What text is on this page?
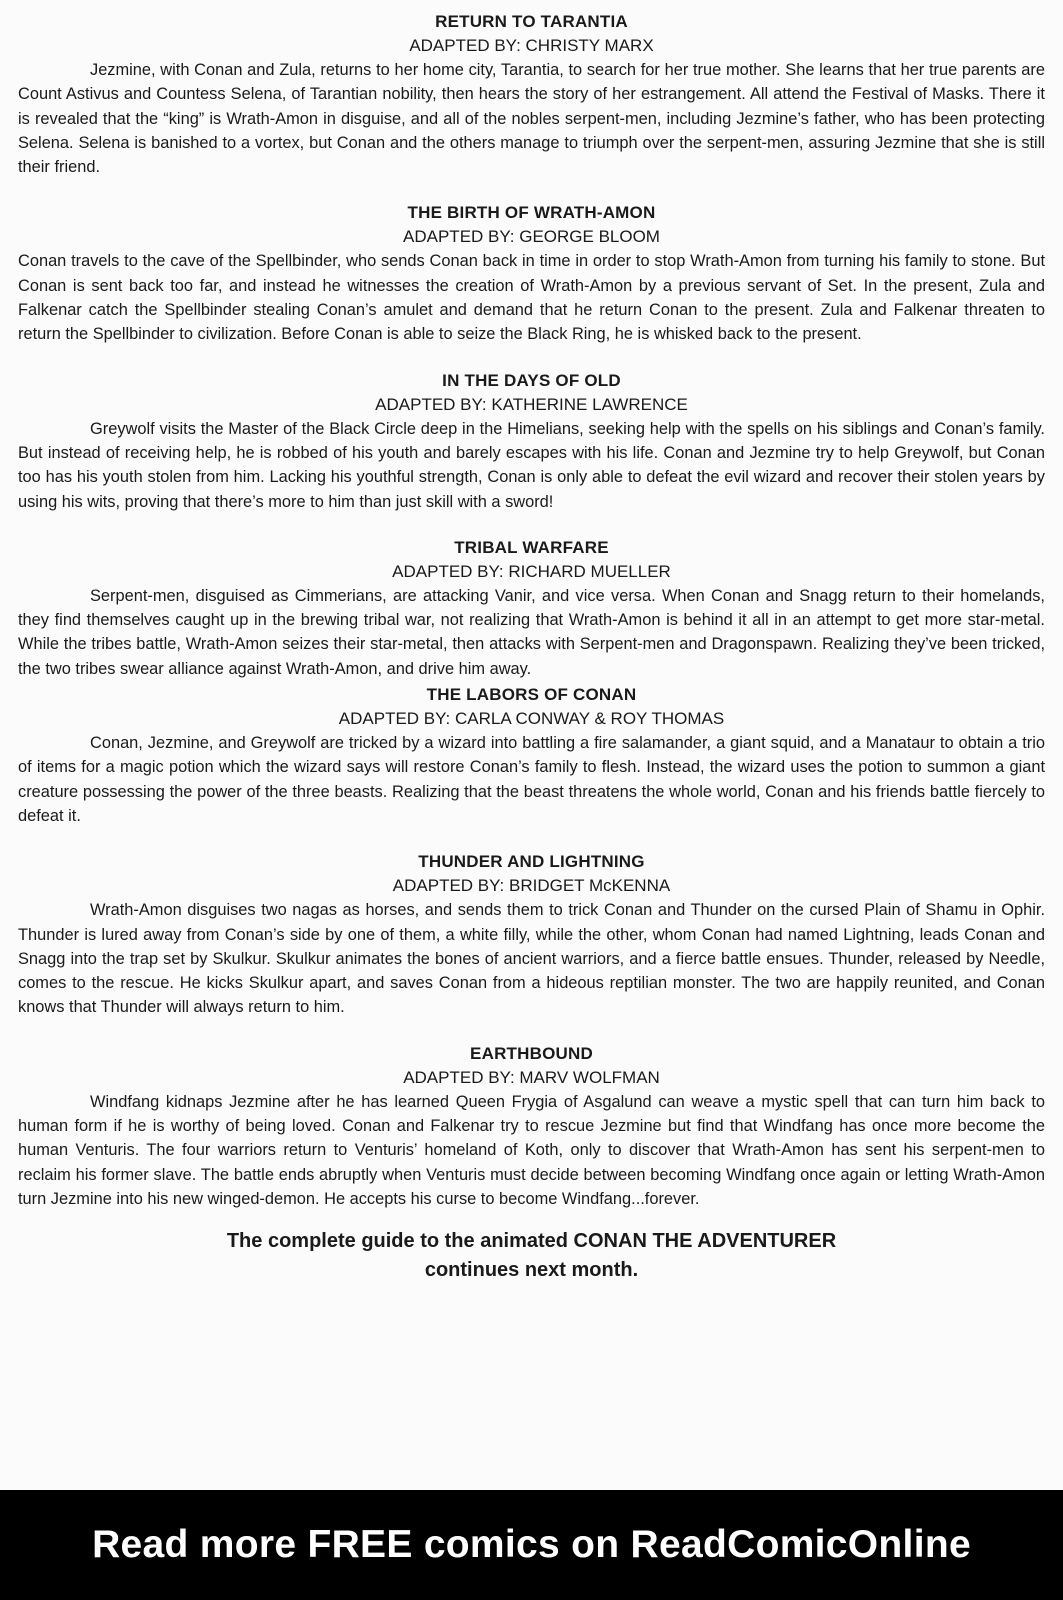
RETURN TO TARANTIA

ADAPTED BY: CHRISTY MARX

Jezmine, with Conan and Zula, returns to her home city, Tarantia, to search for her true mother. She learns that her true parents are Count Astivus and Countess Selena, of Tarantian nobility, then hears the story of her estrangement. All attend the Festival of Masks. There it is revealed that the “king” is Wrath-Amon in disguise, and all of the nobles serpent-men, including Jezmine’s father, who has been protecting Selena. Selena is banished to a vortex, but Conan and the others manage to triumph over the serpent-men, assuring Jezmine that she is still their friend.

THE BIRTH OF WRATH-AMON

ADAPTED BY: GEORGE BLOOM

Conan travels to the cave of the Spellbinder, who sends Conan back in time in order to stop Wrath-Amon from turning his family to stone. But Conan is sent back too far, and instead he witnesses the creation of Wrath-Amon by a previous servant of Set. In the present, Zula and Falkenar catch the Spellbinder stealing Conan’s amulet and demand that he return Conan to the present. Zula and Falkenar threaten to return the Spellbinder to civilization. Before Conan is able to seize the Black Ring, he is whisked back to the present.

IN THE DAYS OF OLD

ADAPTED BY: KATHERINE LAWRENCE

Greywolf visits the Master of the Black Circle deep in the Himelians, seeking help with the spells on his siblings and Conan’s family. But instead of receiving help, he is robbed of his youth and barely escapes with his life. Conan and Jezmine try to help Greywolf, but Conan too has his youth stolen from him. Lacking his youthful strength, Conan is only able to defeat the evil wizard and recover their stolen years by using his wits, proving that there’s more to him than just skill with a sword!

TRIBAL WARFARE

ADAPTED BY: RICHARD MUELLER

Serpent-men, disguised as Cimmerians, are attacking Vanir, and vice versa. When Conan and Snagg return to their homelands, they find themselves caught up in the brewing tribal war, not realizing that Wrath-Amon is behind it all in an attempt to get more star-metal. While the tribes battle, Wrath-Amon seizes their star-metal, then attacks with Serpent-men and Dragonspawn. Realizing they’ve been tricked, the two tribes swear alliance against Wrath-Amon, and drive him away.

THE LABORS OF CONAN

ADAPTED BY: CARLA CONWAY & ROY THOMAS

Conan, Jezmine, and Greywolf are tricked by a wizard into battling a fire salamander, a giant squid, and a Manataur to obtain a trio of items for a magic potion which the wizard says will restore Conan’s family to flesh. Instead, the wizard uses the potion to summon a giant creature possessing the power of the three beasts. Realizing that the beast threatens the whole world, Conan and his friends battle fiercely to defeat it.

THUNDER AND LIGHTNING

ADAPTED BY: BRIDGET McKENNA

Wrath-Amon disguises two nagas as horses, and sends them to trick Conan and Thunder on the cursed Plain of Shamu in Ophir. Thunder is lured away from Conan’s side by one of them, a white filly, while the other, whom Conan had named Lightning, leads Conan and Snagg into the trap set by Skulkur. Skulkur animates the bones of ancient warriors, and a fierce battle ensues. Thunder, released by Needle, comes to the rescue. He kicks Skulkur apart, and saves Conan from a hideous reptilian monster. The two are happily reunited, and Conan knows that Thunder will always return to him.

EARTHBOUND

ADAPTED BY: MARV WOLFMAN

Windfang kidnaps Jezmine after he has learned Queen Frygia of Asgalund can weave a mystic spell that can turn him back to human form if he is worthy of being loved. Conan and Falkenar try to rescue Jezmine but find that Windfang has once more become the human Venturis. The four warriors return to Venturis’ homeland of Koth, only to discover that Wrath-Amon has sent his serpent-men to reclaim his former slave. The battle ends abruptly when Venturis must decide between becoming Windfang once again or letting Wrath-Amon turn Jezmine into his new winged-demon. He accepts his curse to become Windfang...forever.

The complete guide to the animated CONAN THE ADVENTURER
continues next month.
Read more FREE comics on ReadComicOnline
